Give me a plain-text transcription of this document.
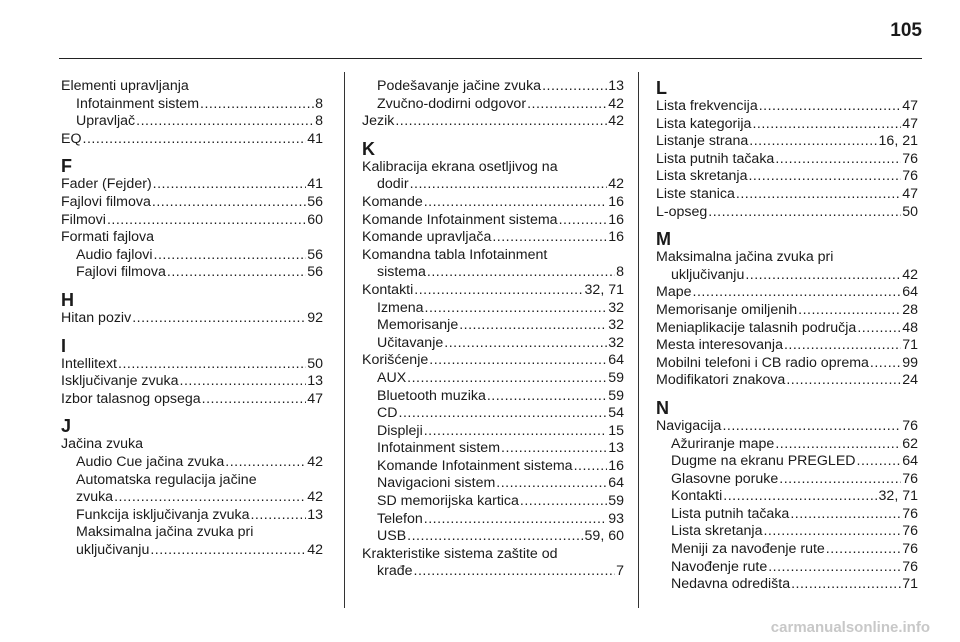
105
Elementi upravljanja
Infotainment sistem .....	8
Upravljač .....	8
EQ .....	41
F
Fader (Fejder) .....	41
Fajlovi filmova .....	56
Filmovi .....	60
Formati fajlova
Audio fajlovi .....	56
Fajlovi filmova .....	56
H
Hitan poziv .....	92
I
Intellitext .....	50
Isključivanje zvuka .....	13
Izbor talasnog opsega .....	47
J
Jačina zvuka
Audio Cue jačina zvuka .....	42
Automatska regulacija jačine
zvuka .....	42
Funkcija isključivanja zvuka .....	13
Maksimalna jačina zvuka pri
uključivanju .....	42
Podešavanje jačine zvuka .....	13
Zvučno-dodirni odgovor .....	42
Jezik .....	42
K
Kalibracija ekrana osetljivog na
dodir .....	42
Komande .....	16
Komande Infotainment sistema .....	16
Komande upravljača .....	16
Komandna tabla Infotainment
sistema .....	8
Kontakti .....	32, 71
Izmena .....	32
Memorisanje .....	32
Učitavanje .....	32
Korišćenje .....	64
AUX .....	59
Bluetooth muzika .....	59
CD .....	54
Displeji .....	15
Infotainment sistem .....	13
Komande Infotainment sistema .....	16
Navigacioni sistem .....	64
SD memorijska kartica .....	59
Telefon .....	93
USB .....	59, 60
Krakteristike sistema zaštite od
krađe .....	7
L
Lista frekvencija .....	47
Lista kategorija .....	47
Listanje strana .....	16, 21
Lista putnih tačaka .....	76
Lista skretanja .....	76
Liste stanica .....	47
L-opseg .....	50
M
Maksimalna jačina zvuka pri
uključivanju .....	42
Mape .....	64
Memorisanje omiljenih .....	28
Meniaplikacije talasnih područja .....	48
Mesta interesovanja .....	71
Mobilni telefoni i CB radio oprema ..... 99
Modifikatori znakova .....	24
N
Navigacija .....	76
Ažuriranje mape .....	62
Dugme na ekranu PREGLED .....	64
Glasovne poruke .....	76
Kontakti .....	32, 71
Lista putnih tačaka .....	76
Lista skretanja .....	76
Meniji za navođenje rute .....	76
Navođenje rute .....	76
Nedavna odredišta .....	71
carmanualsonline.info
